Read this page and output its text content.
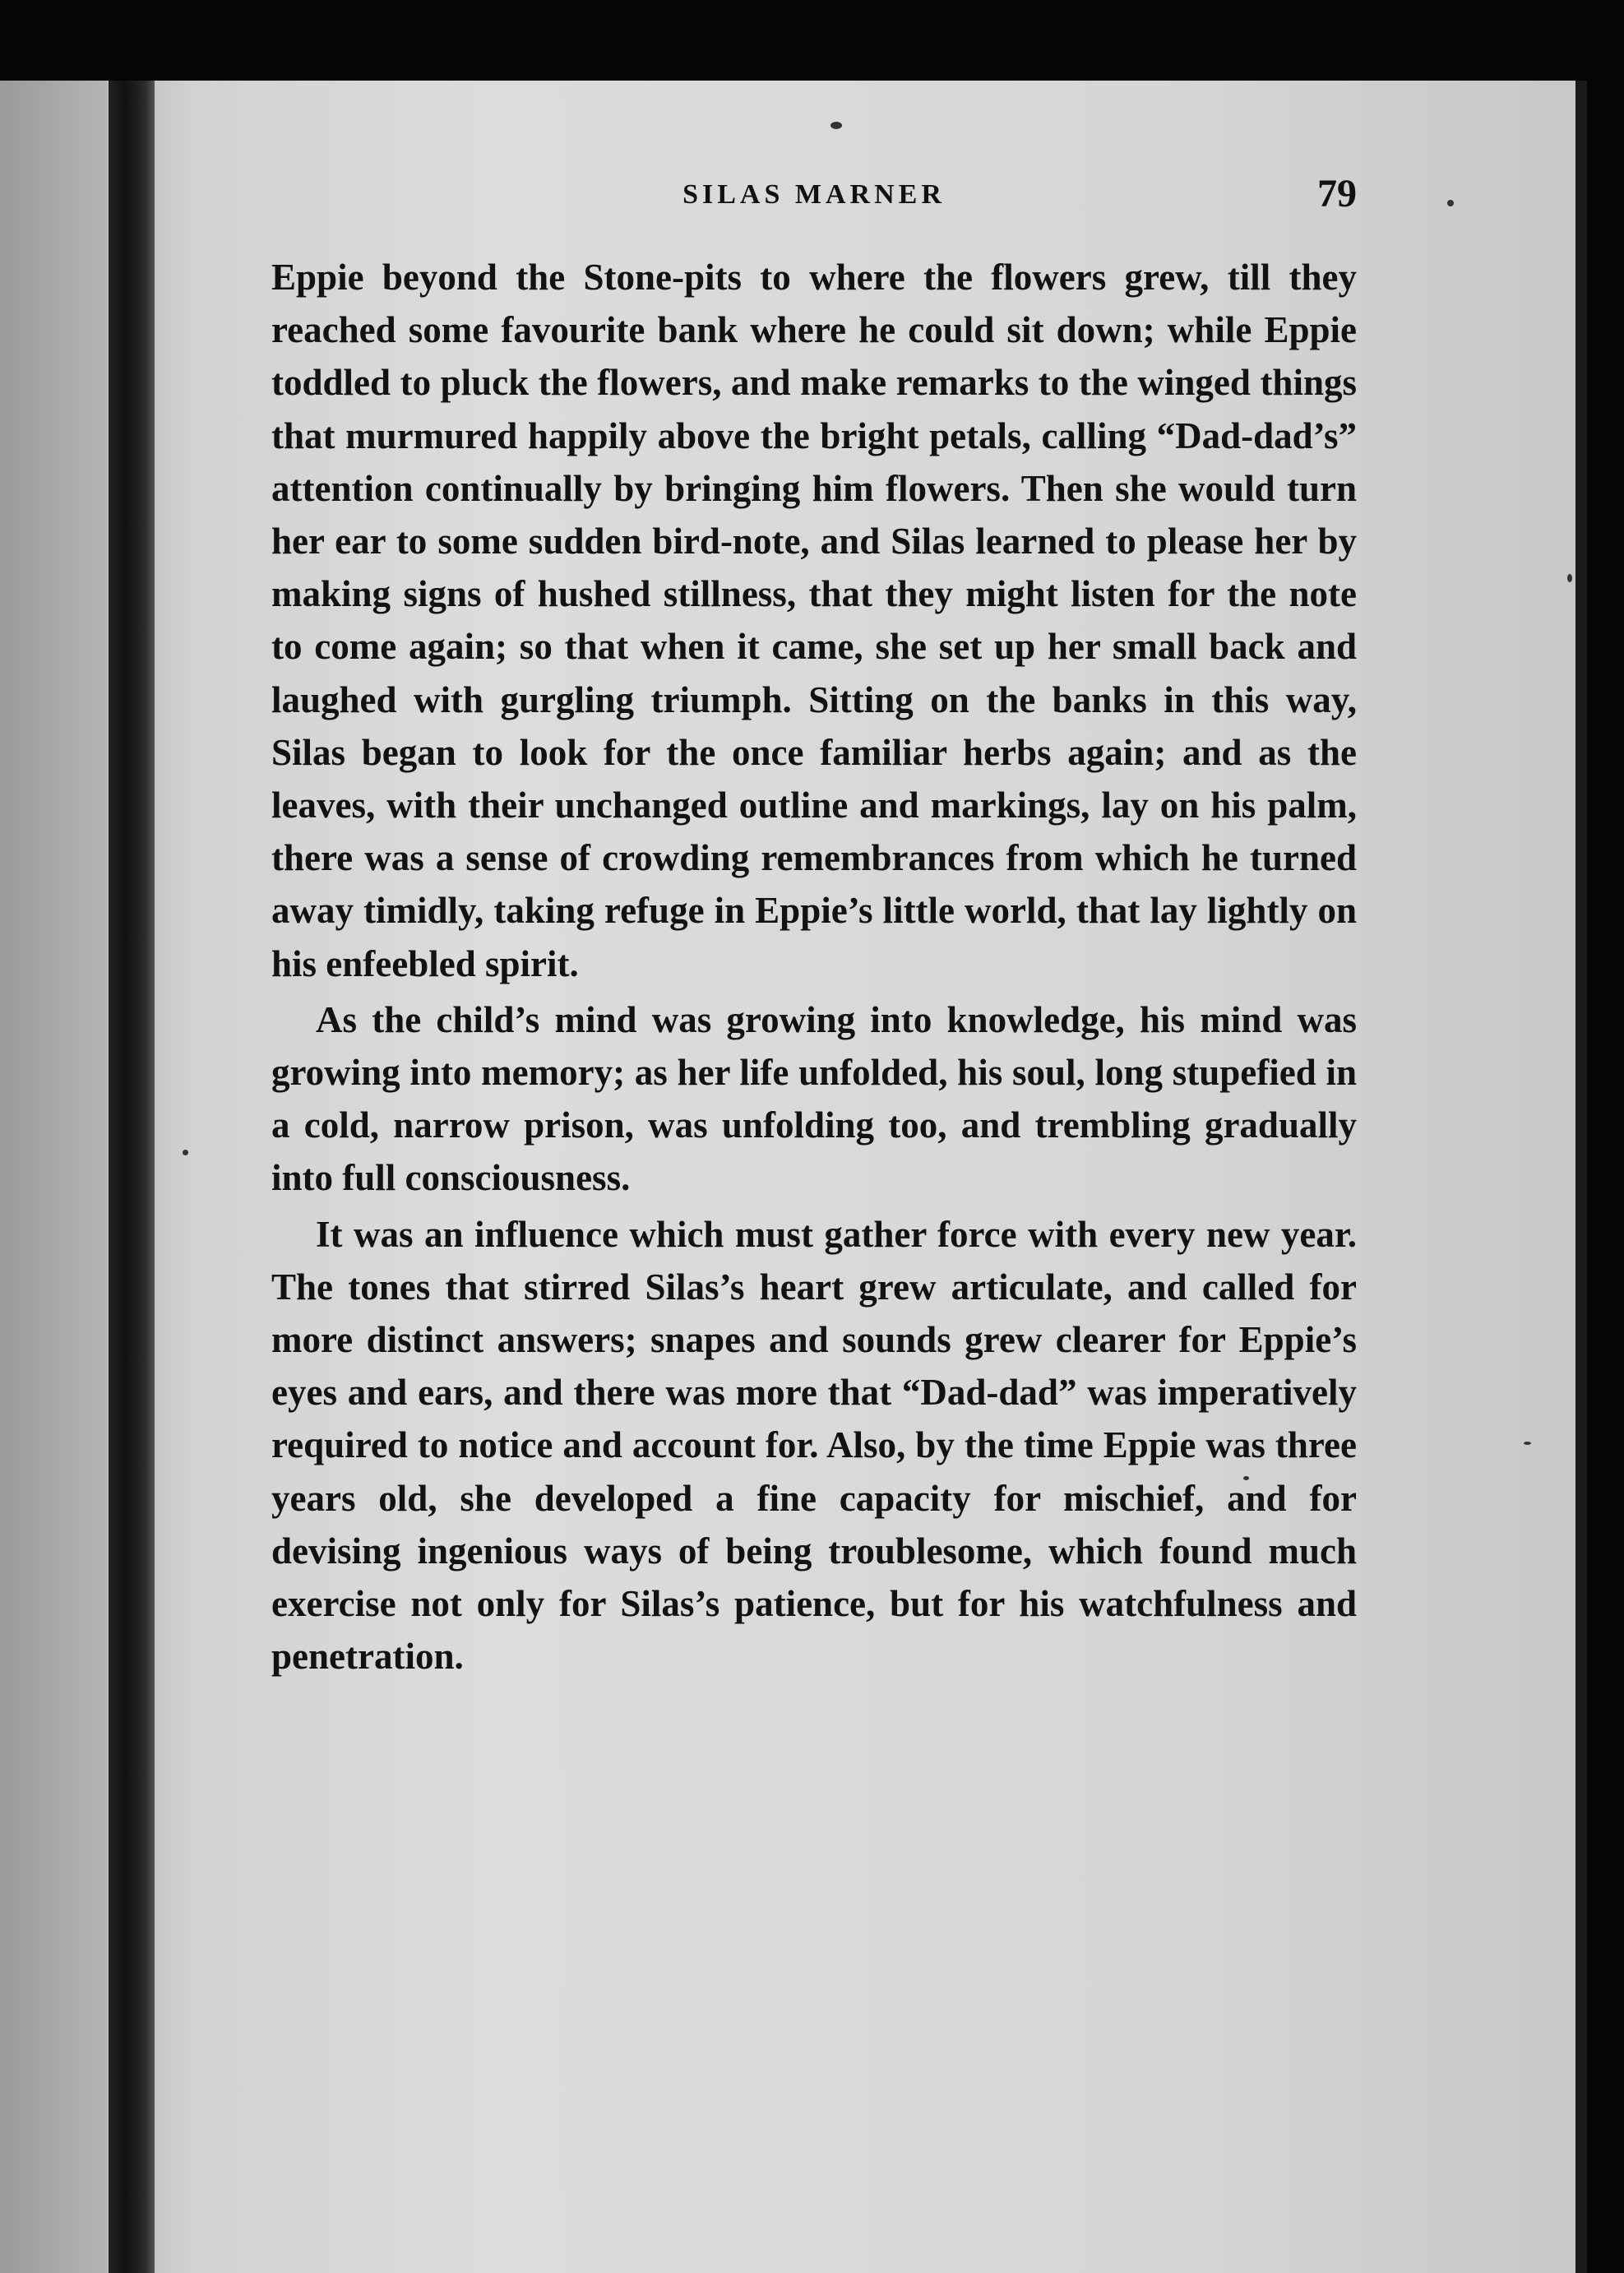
SILAS MARNER	79

Eppie beyond the Stone-pits to where the flowers grew, till they reached some favourite bank where he could sit down; while Eppie toddled to pluck the flowers, and make remarks to the winged things that murmured happily above the bright petals, calling “Dad-dad’s” attention continually by bringing him flowers. Then she would turn her ear to some sudden bird-note, and Silas learned to please her by making signs of hushed stillness, that they might listen for the note to come again; so that when it came, she set up her small back and laughed with gurgling triumph. Sitting on the banks in this way, Silas began to look for the once familiar herbs again; and as the leaves, with their unchanged outline and markings, lay on his palm, there was a sense of crowding remembrances from which he turned away timidly, taking refuge in Eppie’s little world, that lay lightly on his enfeebled spirit.

As the child’s mind was growing into knowledge, his mind was growing into memory; as her life unfolded, his soul, long stupefied in a cold, narrow prison, was unfolding too, and trembling gradually into full consciousness.

It was an influence which must gather force with every new year. The tones that stirred Silas’s heart grew articulate, and called for more distinct answers; snapes and sounds grew clearer for Eppie’s eyes and ears, and there was more that “Dad-dad” was imperatively required to notice and account for. Also, by the time Eppie was three years old, she developed a fine capacity for mischief, and for devising ingenious ways of being troublesome, which found much exercise not only for Silas’s patience, but for his watchfulness and penetration.
